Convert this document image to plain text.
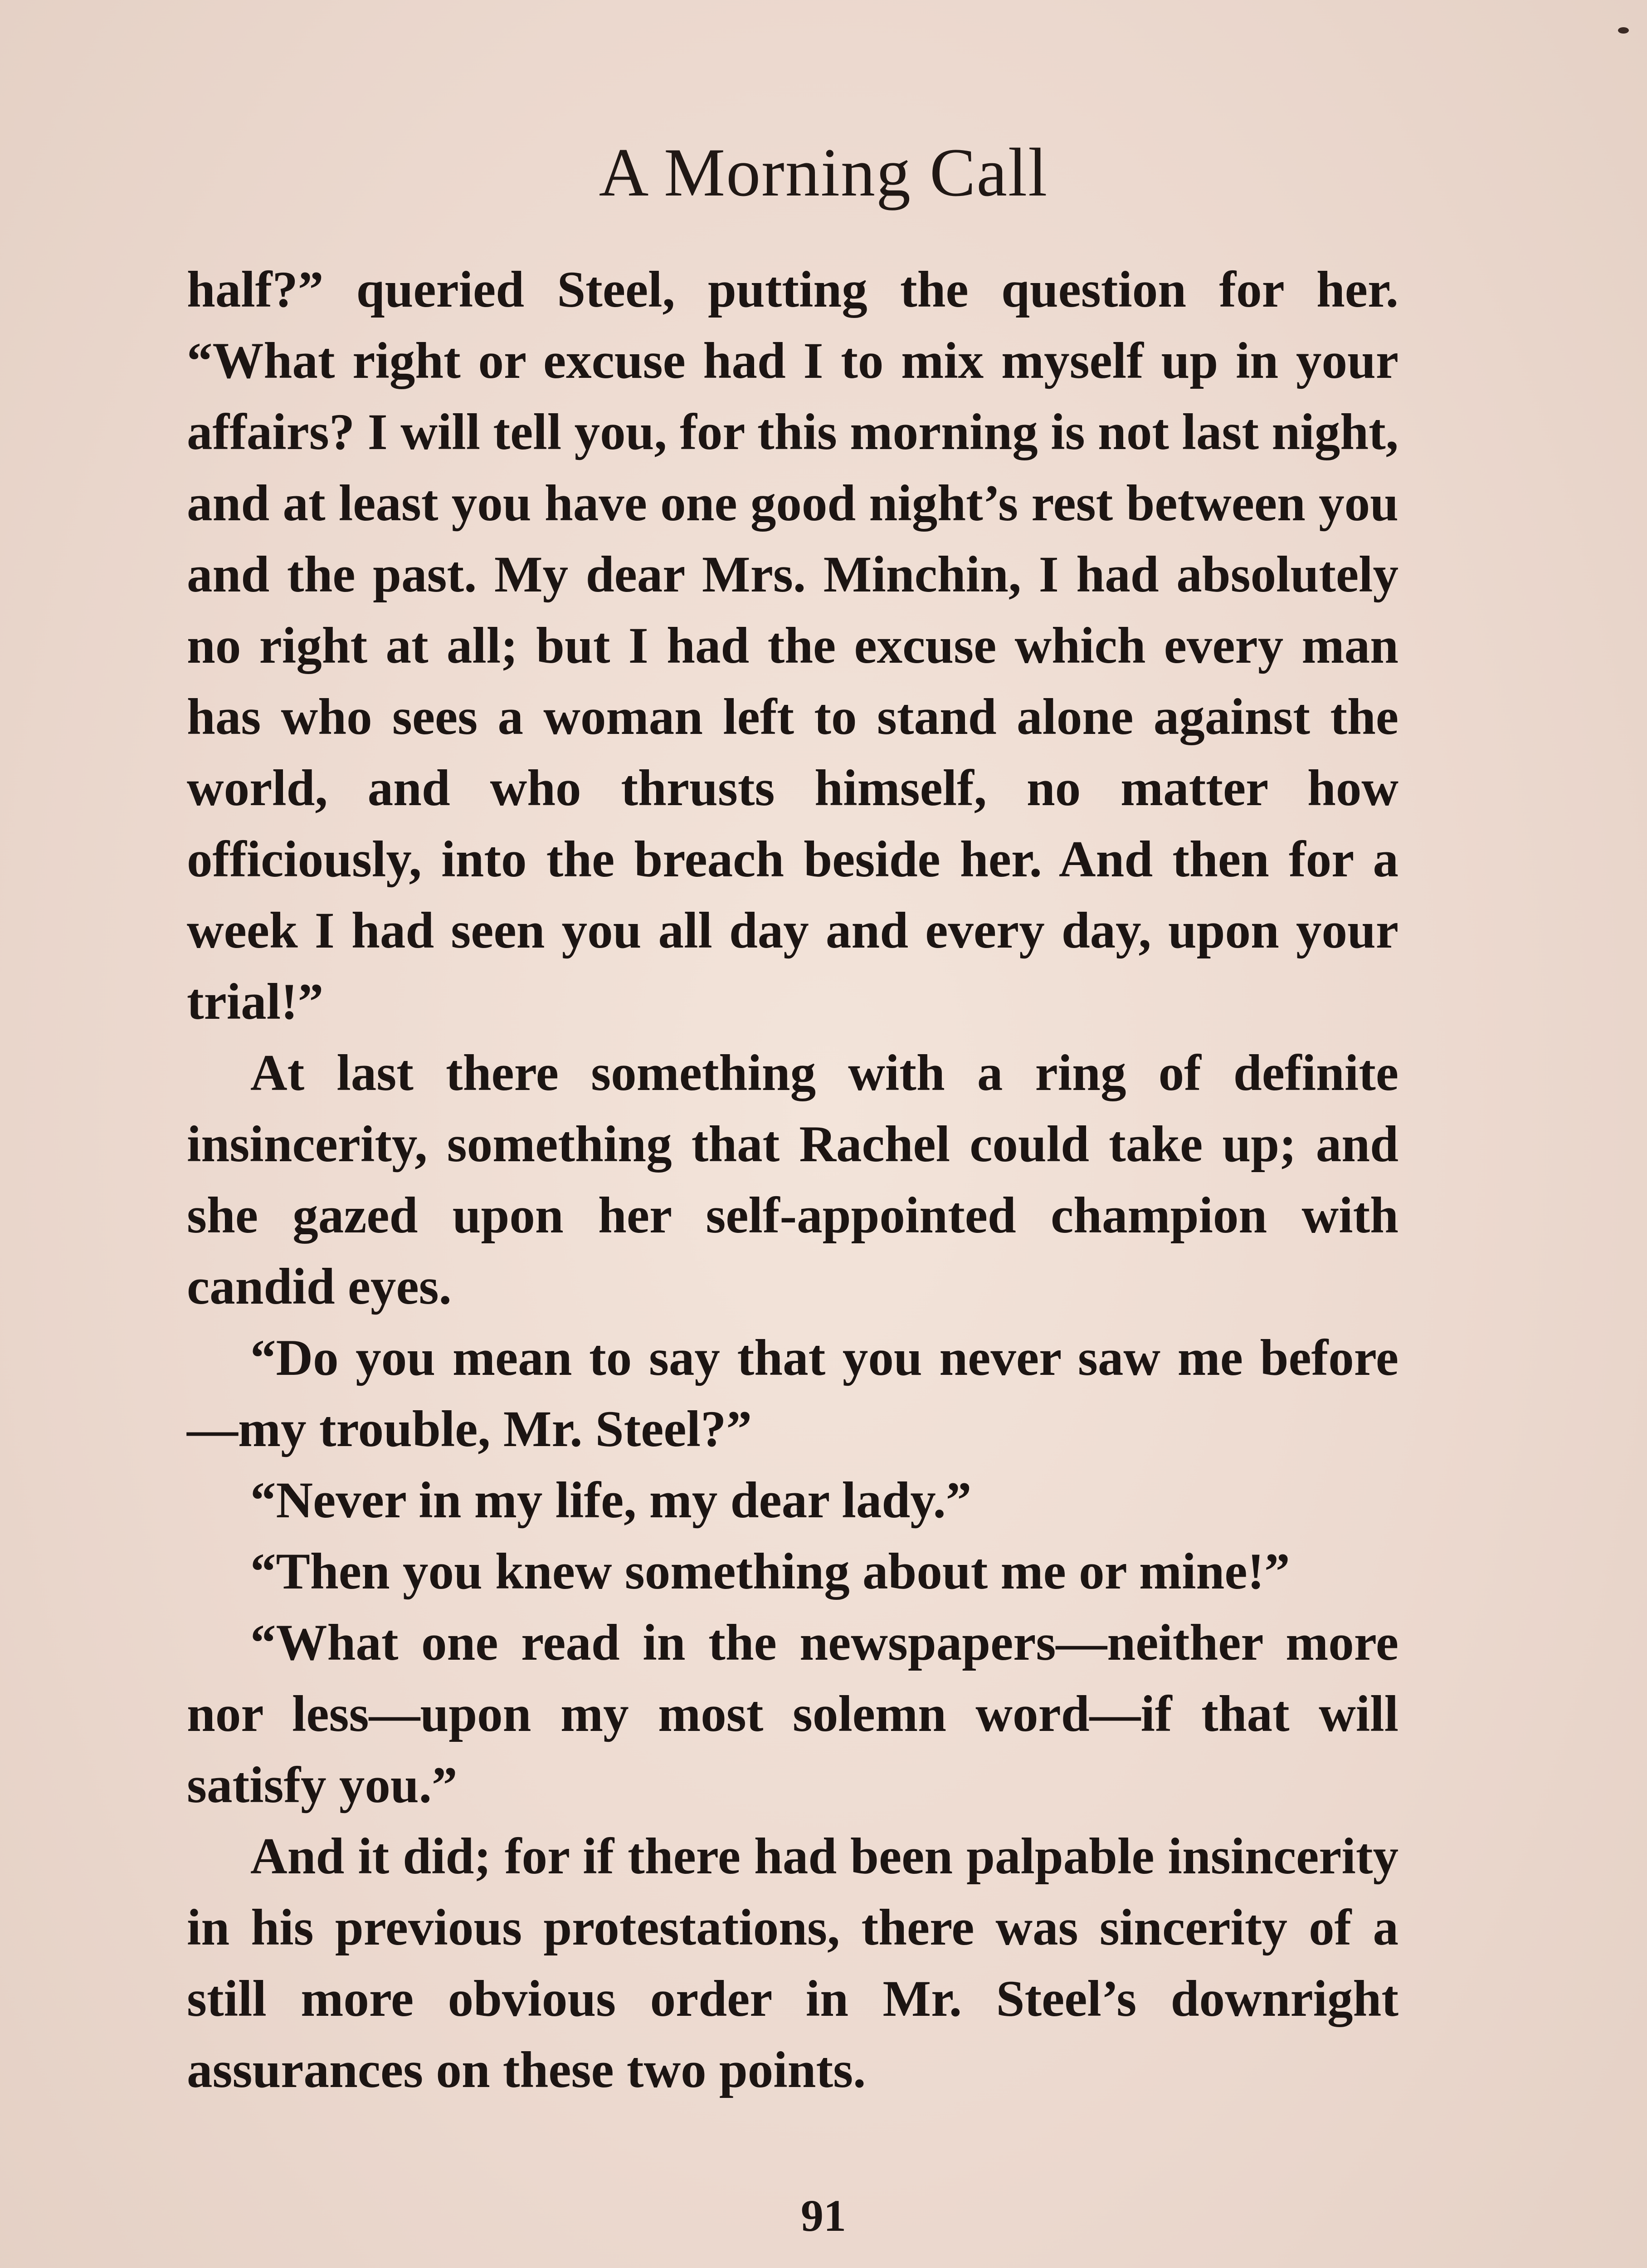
A Morning Call

half?” queried Steel, putting the question for her. “What right or excuse had I to mix myself up in your affairs? I will tell you, for this morning is not last night, and at least you have one good night’s rest between you and the past. My dear Mrs. Minchin, I had absolutely no right at all; but I had the excuse which every man has who sees a woman left to stand alone against the world, and who thrusts himself, no matter how officiously, into the breach beside her. And then for a week I had seen you all day and every day, upon your trial!”

At last there something with a ring of definite insincerity, something that Rachel could take up; and she gazed upon her self-appointed champion with candid eyes.

“Do you mean to say that you never saw me before—my trouble, Mr. Steel?”

“Never in my life, my dear lady.”

“Then you knew something about me or mine!”

“What one read in the newspapers—neither more nor less—upon my most solemn word—if that will satisfy you.”

And it did; for if there had been palpable insincerity in his previous protestations, there was sincerity of a still more obvious order in Mr. Steel’s downright assurances on these two points.

91
